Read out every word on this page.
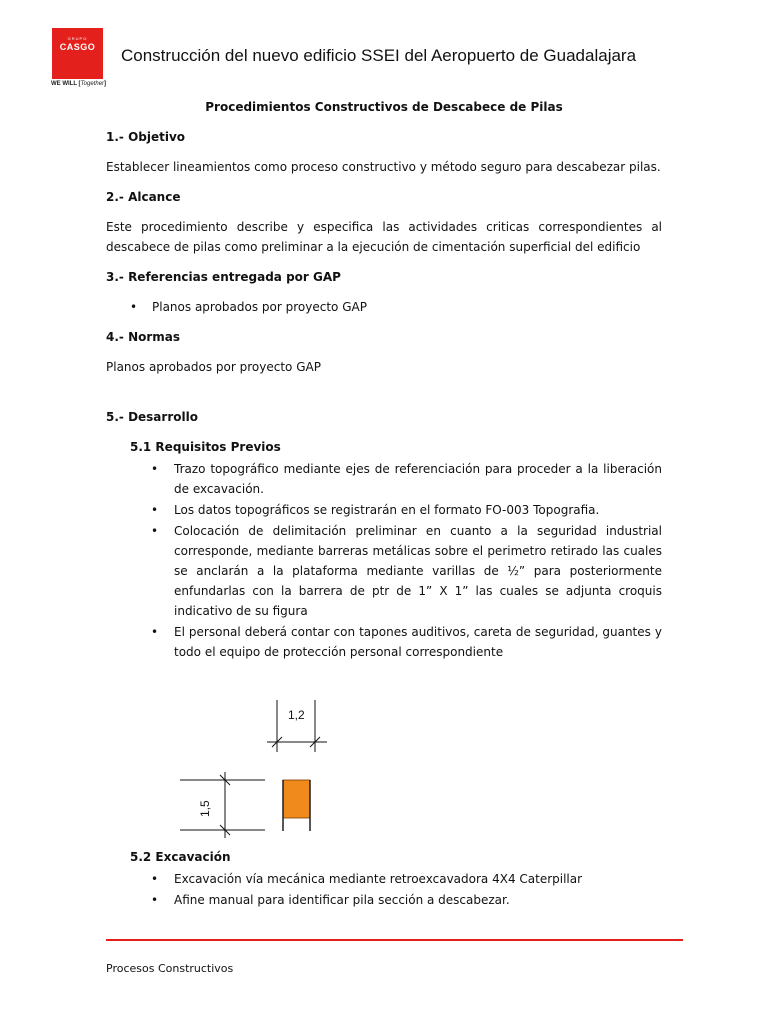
GRUPO
CASGO
WE WILL [Together]
Construcción del nuevo edificio SSEI del Aeropuerto de Guadalajara
Procedimientos Constructivos de Descabece de Pilas
1.- Objetivo
Establecer lineamientos como proceso constructivo y método seguro para descabezar pilas.
2.- Alcance
Este procedimiento describe y especifica las actividades criticas correspondientes al descabece de pilas como preliminar a la ejecución de cimentación superficial del edificio
3.- Referencias entregada por GAP
• Planos aprobados por proyecto GAP
4.- Normas
Planos aprobados por proyecto GAP
5.- Desarrollo
5.1 Requisitos Previos
• Trazo topográfico mediante ejes de referenciación para proceder a la liberación de excavación.
• Los datos topográficos se registrarán en el formato FO-003 Topografia.
• Colocación de delimitación preliminar en cuanto a la seguridad industrial corresponde, mediante barreras metálicas sobre el perimetro retirado las cuales se anclarán a la plataforma mediante varillas de ½” para posteriormente enfundarlas con la barrera de ptr de 1” X 1” las cuales se adjunta croquis indicativo de su figura
• El personal deberá contar con tapones auditivos, careta de seguridad, guantes y todo el equipo de protección personal correspondiente
1,2
1,5
5.2 Excavación
• Excavación vía mecánica mediante retroexcavadora 4X4 Caterpillar
• Afine manual para identificar pila sección a descabezar.
Procesos Constructivos
